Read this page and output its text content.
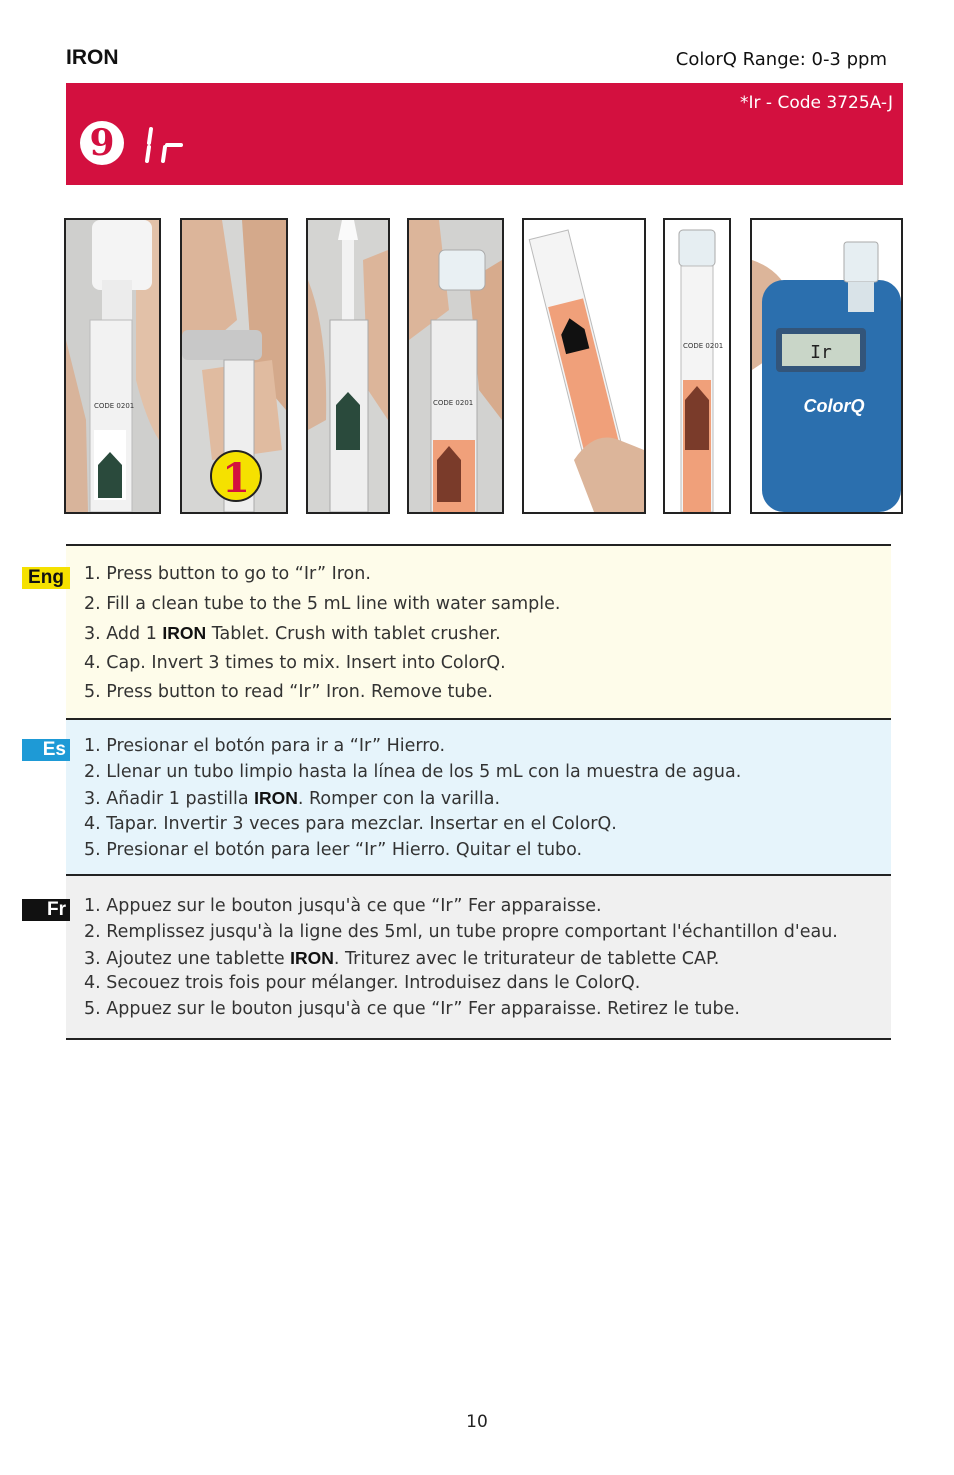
IRON	ColorQ Range: 0-3 ppm
*Ir - Code 3725A-J
9
CODE 0201
1
CODE 0201
CODE 0201	Ir
ColorQ
Eng	1. Press button to go to “Ir” Iron.
2. Fill a clean tube to the 5 mL line with water sample.
3. Add 1 IRON Tablet. Crush with tablet crusher.
4. Cap. Invert 3 times to mix. Insert into ColorQ.
5. Press button to read “Ir” Iron. Remove tube.
Es 1. Presionar el botón para ir a “Ir” Hierro.
2. Llenar un tubo limpio hasta la línea de los 5 mL con la muestra de agua.
3. Añadir 1 pastilla IRON. Romper con la varilla.
4. Tapar. Invertir 3 veces para mezclar. Insertar en el ColorQ.
5. Presionar el botón para leer “Ir” Hierro. Quitar el tubo.
Fr 1. Appuez sur le bouton jusqu'à ce que “Ir” Fer apparaisse.
2. Remplissez jusqu'à la ligne des 5ml, un tube propre comportant l'échantillon d'eau.
3. Ajoutez une tablette IRON. Triturez avec le triturateur de tablette CAP.
4. Secouez trois fois pour mélanger. Introduisez dans le ColorQ.
5. Appuez sur le bouton jusqu'à ce que “Ir” Fer apparaisse. Retirez le tube.
10
